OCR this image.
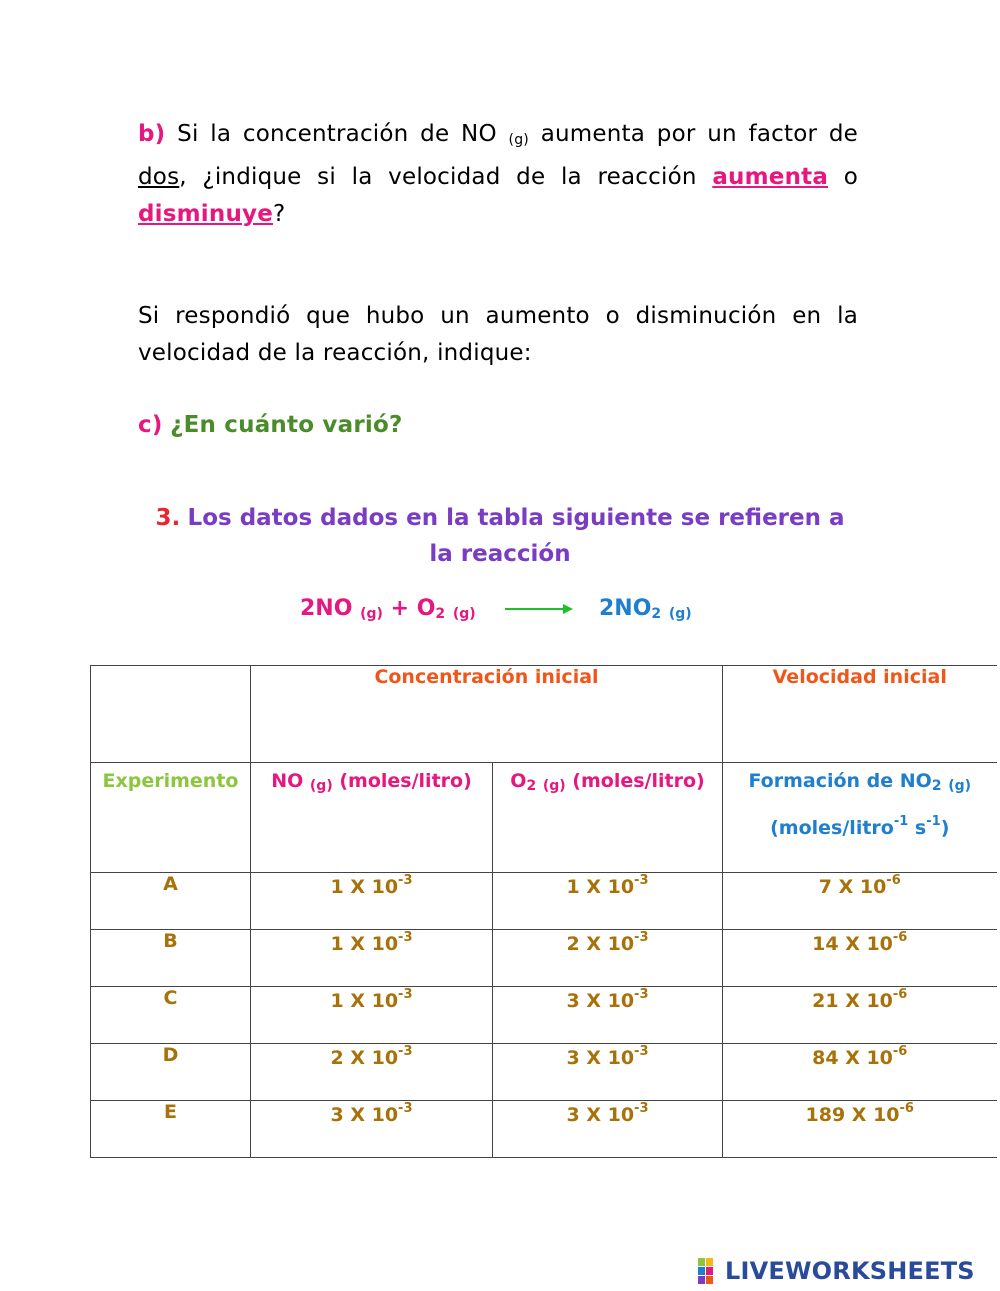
b) Si la concentración de NO $_{(g)}$ aumenta por un factor de dos, ¿indique si la velocidad de la reacción aumenta o disminuye?
Si respondió que hubo un aumento o disminución en la velocidad de la reacción, indique:
c) ¿En cuánto varió?
3. Los datos dados en la tabla siguiente se refieren a la reacción
2NO $_{(g)} + O_2$ $_{(g)} \to 2NO_2$ $_{(g)}$
	Concentración inicial		Velocidad inicial
Experimento	NO $_{(g)}$ (moles/litro)	$O_2$ $_{(g)}$ (moles/litro)	Formación de $NO_2$ $_{(g)}$
(moles/litro$^{-1}$ $s^{-1}$)
A	1 X $10^{-3}$	1 X $10^{-3}$	7 X $10^{-6}$
B	1 X $10^{-3}$	2 X $10^{-3}$	14 X $10^{-6}$
C	1 X $10^{-3}$	3 X $10^{-3}$	21 X $10^{-6}$
D	2 X $10^{-3}$	3 X $10^{-3}$	84 X $10^{-6}$
E	3 X $10^{-3}$	3 X $10^{-3}$	189 X $10^{-6}$
LIVEWORKSHEETS
